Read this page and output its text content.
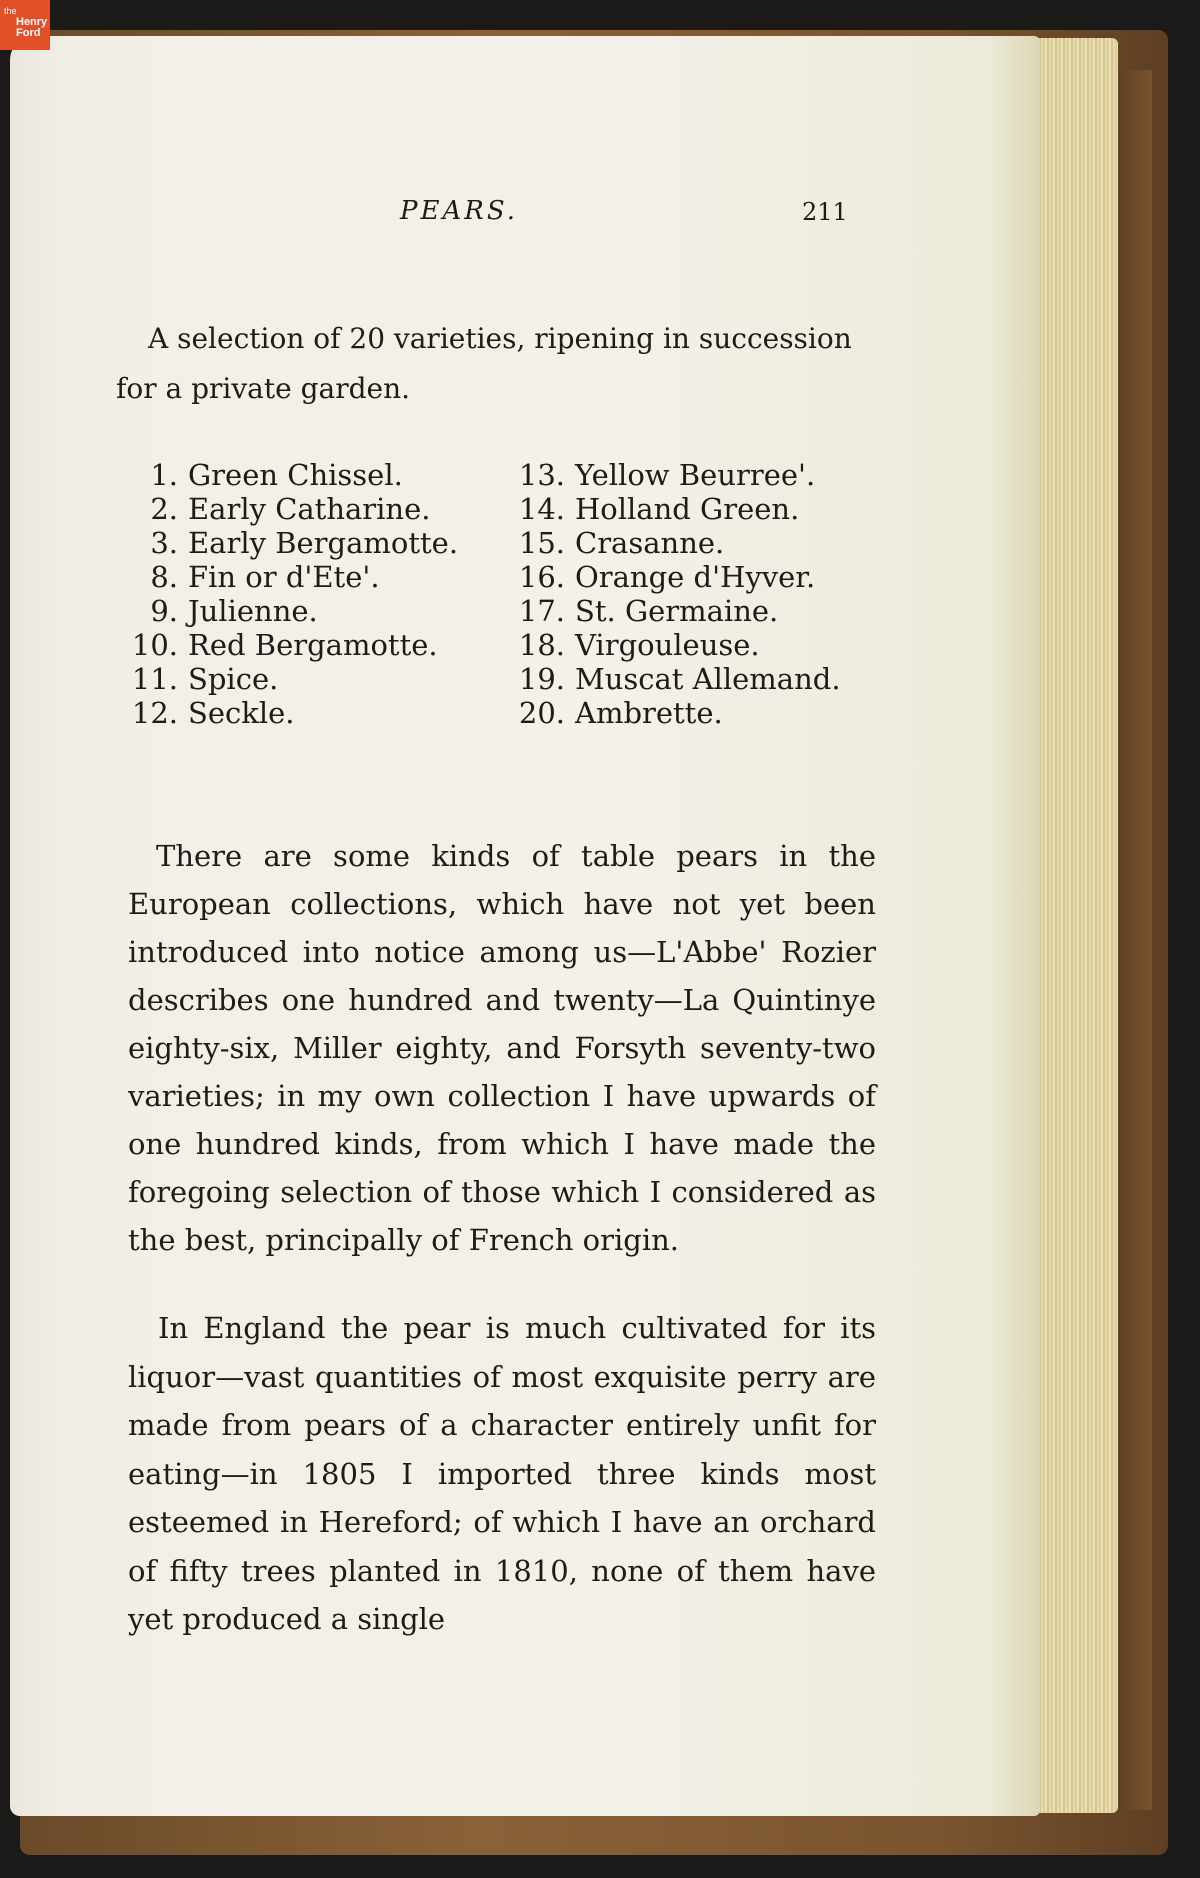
PEARS.	211
A selection of 20 varieties, ripening in succession
for a private garden.
1. Green Chissel.
2. Early Catharine.
3. Early Bergamotte.
8. Fin or d'Ete'.
9. Julienne.
10. Red Bergamotte.
11. Spice.
12. Seckle.
13. Yellow Beurree'.
14. Holland Green.
15. Crasanne.
16. Orange d'Hyver.
17. St. Germaine.
18. Virgouleuse.
19. Muscat Allemand.
20. Ambrette.

There are some kinds of table pears in the European collections, which have not yet been introduced into notice among us—L'Abbe' Rozier describes one hundred and twenty—La Quintinye eighty-six, Miller eighty, and Forsyth seventy-two varieties; in my own collection I have upwards of one hundred kinds, from which I have made the foregoing selection of those which I considered as the best, principally of French origin.

In England the pear is much cultivated for its liquor—vast quantities of most exquisite perry are made from pears of a character entirely unfit for eating—in 1805 I imported three kinds most esteemed in Hereford; of which I have an orchard of fifty trees planted in 1810, none of them have yet produced a single

the
Henry
Ford
